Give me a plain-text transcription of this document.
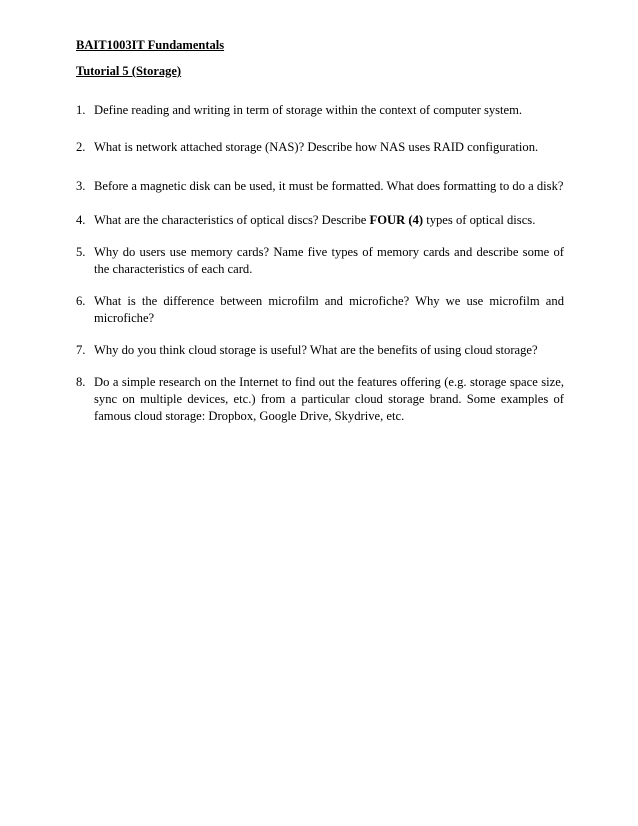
BAIT1003IT Fundamentals
Tutorial 5 (Storage)
1. Define reading and writing in term of storage within the context of computer system.
2. What is network attached storage (NAS)? Describe how NAS uses RAID configuration.
3. Before a magnetic disk can be used, it must be formatted. What does formatting to do a disk?
4. What are the characteristics of optical discs? Describe FOUR (4) types of optical discs.
5. Why do users use memory cards? Name five types of memory cards and describe some of the characteristics of each card.
6. What is the difference between microfilm and microfiche? Why we use microfilm and microfiche?
7. Why do you think cloud storage is useful? What are the benefits of using cloud storage?
8. Do a simple research on the Internet to find out the features offering (e.g. storage space size, sync on multiple devices, etc.) from a particular cloud storage brand. Some examples of famous cloud storage: Dropbox, Google Drive, Skydrive, etc.
